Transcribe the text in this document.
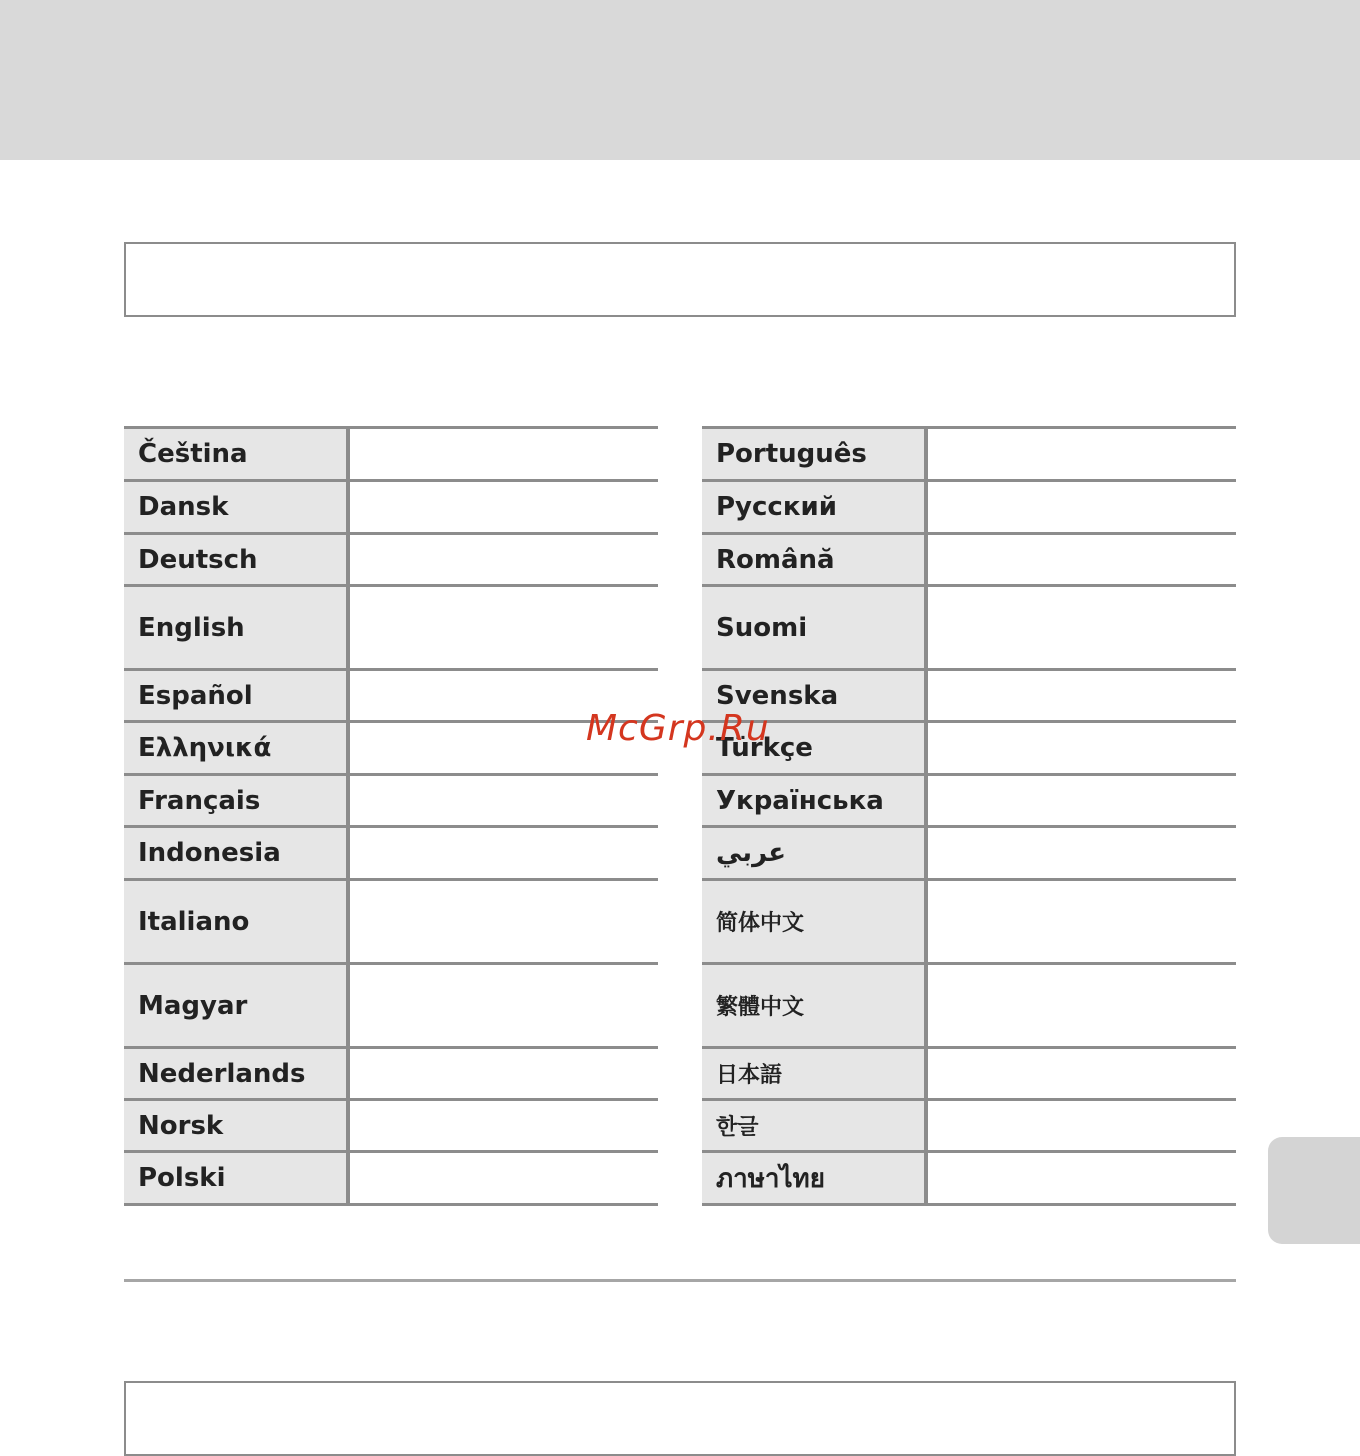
Čeština
Dansk
Deutsch
English
Español
Ελληνικά
Français
Indonesia
Italiano
Magyar
Nederlands
Norsk
Polski
Português
Русский
Română
Suomi
Svenska
Türkçe
Українська
عربي
简体中文
繁體中文
日本語
한글
ภาษาไทย
McGrp.Ru
